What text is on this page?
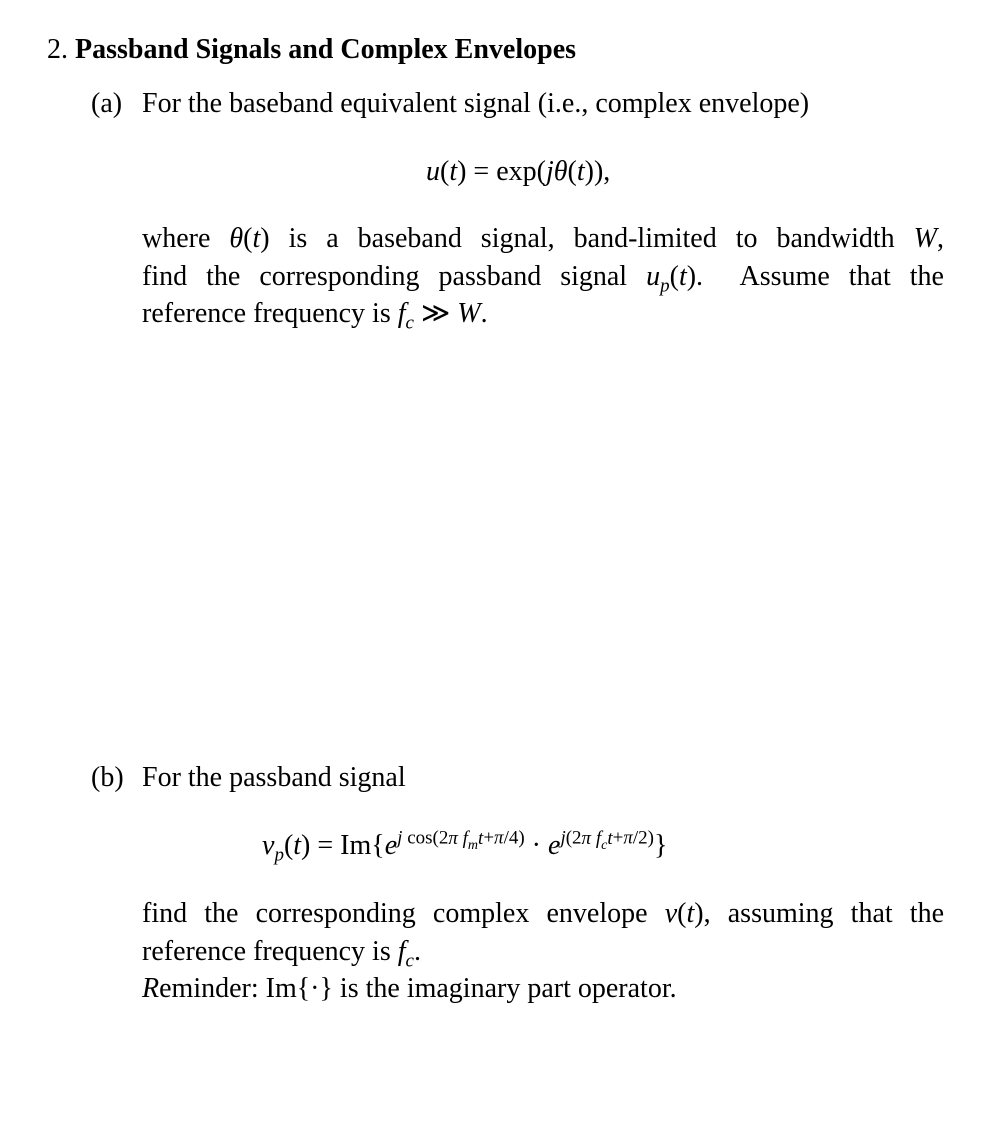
2. Passband Signals and Complex Envelopes
(a) For the baseband equivalent signal (i.e., complex envelope)
u(t) = exp(jθ(t)),
where θ(t) is a baseband signal, band-limited to bandwidth W,
find the corresponding passband signal $u_p(t)$.  Assume that the
reference frequency is $f_c$ ≫ W.
(b) For the passband signal
$v_p(t) = Im\{e^{j cos(2\pi f_mt+\pi/4)} \cdot e^{j(2\pi f_ct+\pi/2)}\}$
find the corresponding complex envelope v(t), assuming that the
reference frequency is $f_c$.
Reminder: Im{·} is the imaginary part operator.
